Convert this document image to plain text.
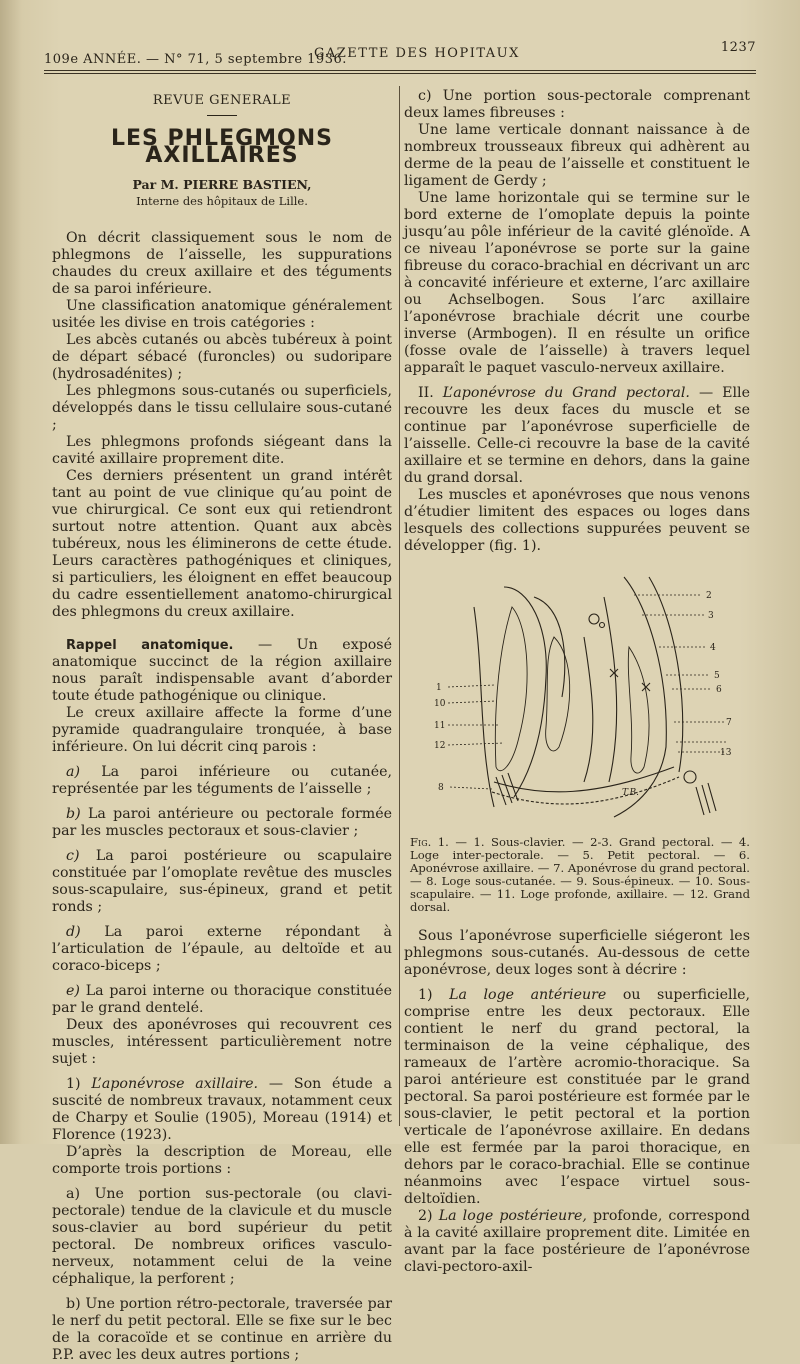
109e ANNÉE. — N° 71, 5 septembre 1936.
GAZETTE DES HOPITAUX	1237

REVUE GENERALE

LES PHLEGMONS AXILLAIRES

Par M. PIERRE BASTIEN,

Interne des hôpitaux de Lille.

On décrit classiquement sous le nom de phlegmons de l’aisselle, les suppurations chaudes du creux axillaire et des téguments de sa paroi inférieure.

Une classification anatomique généralement usitée les divise en trois catégories :

Les abcès cutanés ou abcès tubéreux à point de départ sébacé (furoncles) ou sudoripare (hydrosadénites) ;

Les phlegmons sous-cutanés ou superficiels, développés dans le tissu cellulaire sous-cutané ;

Les phlegmons profonds siégeant dans la cavité axillaire proprement dite.

Ces derniers présentent un grand intérêt tant au point de vue clinique qu’au point de vue chirurgical. Ce sont eux qui retiendront surtout notre attention. Quant aux abcès tubéreux, nous les éliminerons de cette étude. Leurs caractères pathogéniques et cliniques, si particuliers, les éloignent en effet beaucoup du cadre essentiellement anatomo-chirurgical des phlegmons du creux axillaire.

Rappel anatomique. — Un exposé anatomique succinct de la région axillaire nous paraît indispensable avant d’aborder toute étude pathogénique ou clinique.

Le creux axillaire affecte la forme d’une pyramide quadrangulaire tronquée, à base inférieure. On lui décrit cinq parois :

a) La paroi inférieure ou cutanée, représentée par les téguments de l’aisselle ;

b) La paroi antérieure ou pectorale formée par les muscles pectoraux et sous-clavier ;

c) La paroi postérieure ou scapulaire constituée par l’omoplate revêtue des muscles sous-scapulaire, sus-épineux, grand et petit ronds ;

d) La paroi externe répondant à l’articulation de l’épaule, au deltoïde et au coraco-biceps ;

e) La paroi interne ou thoracique constituée par le grand dentelé.

Deux des aponévroses qui recouvrent ces muscles, intéressent particulièrement notre sujet :

1) L’aponévrose axillaire. — Son étude a suscité de nombreux travaux, notamment ceux de Charpy et Soulie (1905), Moreau (1914) et Florence (1923).

D’après la description de Moreau, elle comporte trois portions :

a) Une portion sus-pectorale (ou clavi-pectorale) tendue de la clavicule et du muscle sous-clavier au bord supérieur du petit pectoral. De nombreux orifices vasculo-nerveux, notamment celui de la veine céphalique, la perforent ;

b) Une portion rétro-pectorale, traversée par le nerf du petit pectoral. Elle se fixe sur le bec de la coracoïde et se continue en arrière du P.P. avec les deux autres portions ;

c) Une portion sous-pectorale comprenant deux lames fibreuses :

Une lame verticale donnant naissance à de nombreux trousseaux fibreux qui adhèrent au derme de la peau de l’aisselle et constituent le ligament de Gerdy ;

Une lame horizontale qui se termine sur le bord externe de l’omoplate depuis la pointe jusqu’au pôle inférieur de la cavité glénoïde. A ce niveau l’aponévrose se porte sur la gaine fibreuse du coraco-brachial en décrivant un arc à concavité inférieure et externe, l’arc axillaire ou Achselbogen. Sous l’arc axillaire l’aponévrose brachiale décrit une courbe inverse (Armbogen). Il en résulte un orifice (fosse ovale de l’aisselle) à travers lequel apparaît le paquet vasculo-nerveux axillaire.

II. L’aponévrose du Grand pectoral. — Elle recouvre les deux faces du muscle et se continue par l’aponévrose superficielle de l’aisselle. Celle-ci recouvre la base de la cavité axillaire et se termine en dehors, dans la gaine du grand dorsal.

Les muscles et aponévroses que nous venons d’étudier limitent des espaces ou loges dans lesquels des collections suppurées peuvent se développer (fig. 1).

2
3
4
5
6
7
13
1
10
11
12
8	T.B.

Fig. 1. — 1. Sous-clavier. — 2-3. Grand pectoral. — 4. Loge inter-pectorale. — 5. Petit pectoral. — 6. Aponévrose axillaire. — 7. Aponévrose du grand pectoral. — 8. Loge sous-cutanée. — 9. Sous-épineux. — 10. Sous-scapulaire. — 11. Loge profonde, axillaire. — 12. Grand dorsal.

Sous l’aponévrose superficielle siégeront les phlegmons sous-cutanés. Au-dessous de cette aponévrose, deux loges sont à décrire :

1) La loge antérieure ou superficielle, comprise entre les deux pectoraux. Elle contient le nerf du grand pectoral, la terminaison de la veine céphalique, des rameaux de l’artère acromio-thoracique. Sa paroi antérieure est constituée par le grand pectoral. Sa paroi postérieure est formée par le sous-clavier, le petit pectoral et la portion verticale de l’aponévrose axillaire. En dedans elle est fermée par la paroi thoracique, en dehors par le coraco-brachial. Elle se continue néanmoins avec l’espace virtuel sous-deltoïdien.

2) La loge postérieure, profonde, correspond à la cavité axillaire proprement dite. Limitée en avant par la face postérieure de l’aponévrose clavi-pectoro-axil-
